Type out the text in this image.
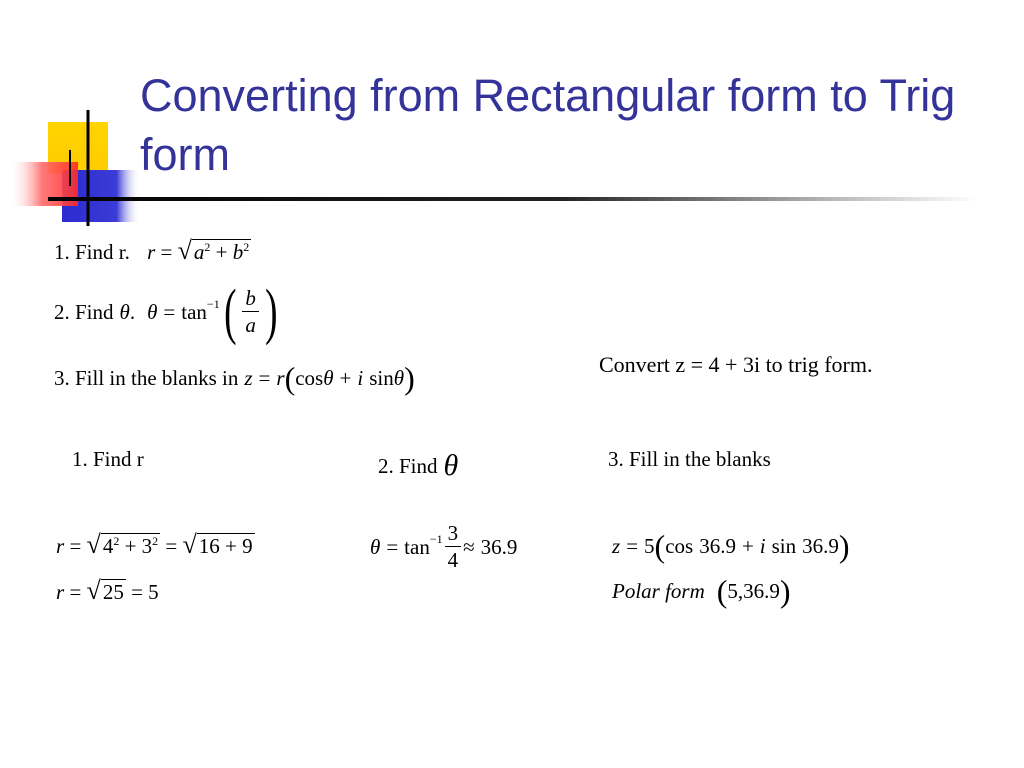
Converting from Rectangular form to Trig form
1. Find r. r = √ $a^2 + b^2$
2. Find θ . θ = tan −1 ( $\frac{b}{a}$ )
3. Fill in the blanks in z = r ( cos θ + i sin θ )	Convert z = 4 + 3i to trig form.
1. Find r	2. Find θ	3. Fill in the blanks
r = √ $4^2 + 3^2$ = √ 16 + 9
r = √ 25 = 5
$\theta = \tan -1 \frac{3}{4} \approx 36.9$	z = 5 ( cos 36.9 + i sin 36.9 )
Polar form ( 5,36.9 )
